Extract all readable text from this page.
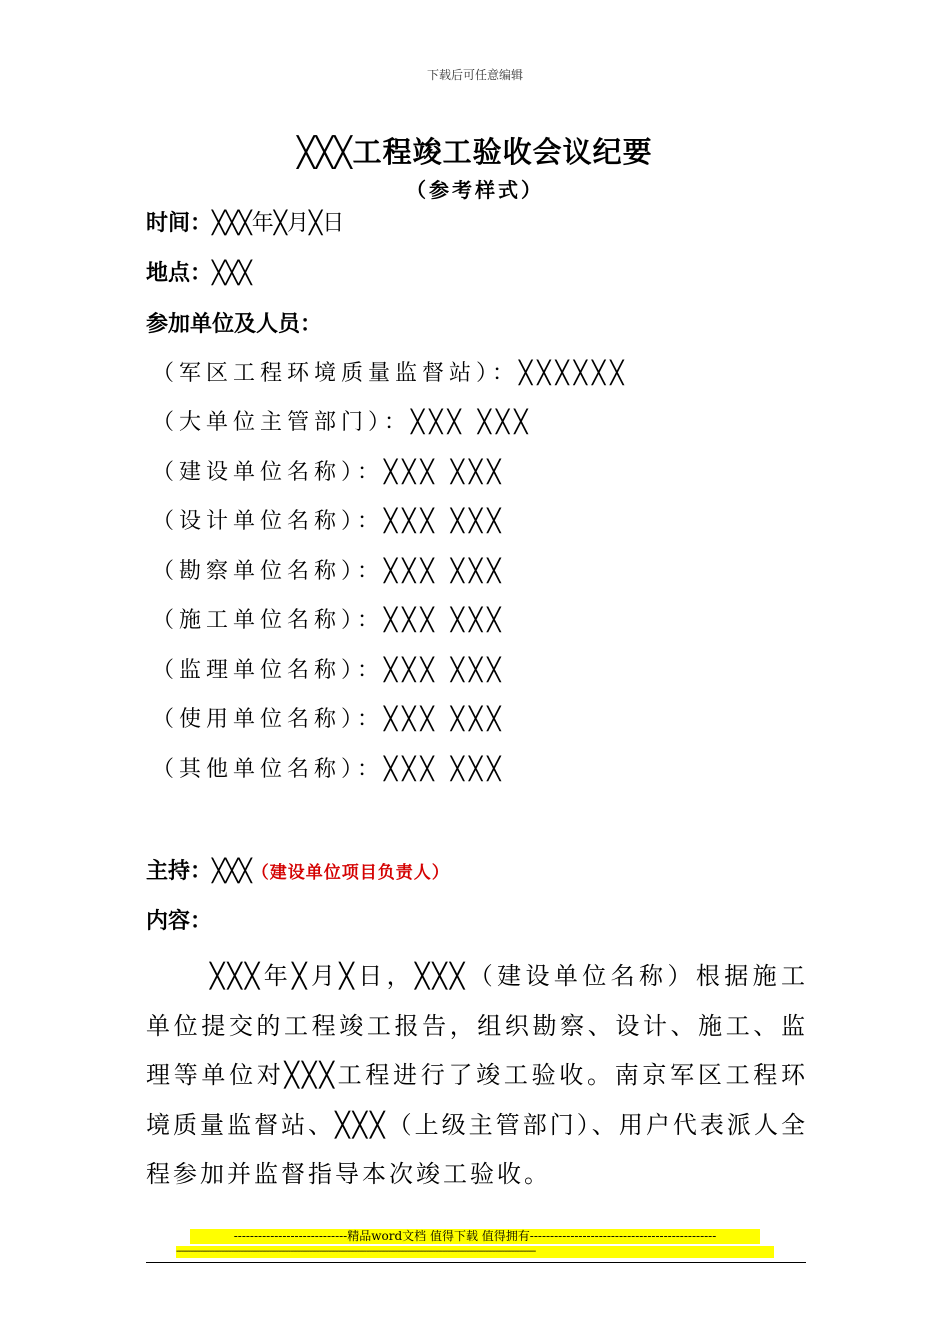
下载后可任意编辑
╳╳╳工程竣工验收会议纪要
（参考样式）
时间：╳╳╳年╳月╳日
地点：╳╳╳
参加单位及人员：
（军区工程环境质量监督站）：╳╳╳╳╳╳
（大单位主管部门）：╳╳╳ ╳╳╳
（建设单位名称）：╳╳╳ ╳╳╳
（设计单位名称）：╳╳╳ ╳╳╳
（勘察单位名称）：╳╳╳ ╳╳╳
（施工单位名称）：╳╳╳ ╳╳╳
（监理单位名称）：╳╳╳ ╳╳╳
（使用单位名称）：╳╳╳ ╳╳╳
（其他单位名称）：╳╳╳ ╳╳╳
主持：╳╳╳（建设单位项目负责人）
内容：
╳╳╳年╳月╳日，╳╳╳（建设单位名称）根据施工单位提交的工程竣工报告，组织勘察、设计、施工、监理等单位对╳╳╳工程进行了竣工验收。南京军区工程环境质量监督站、╳╳╳（上级主管部门）、用户代表派人全程参加并监督指导本次竣工验收。
----------------------------精品word文档 值得下载 值得拥有----------------------------------------------
-------------------------------------------------------------------------------------------------------------------------------------------------------
